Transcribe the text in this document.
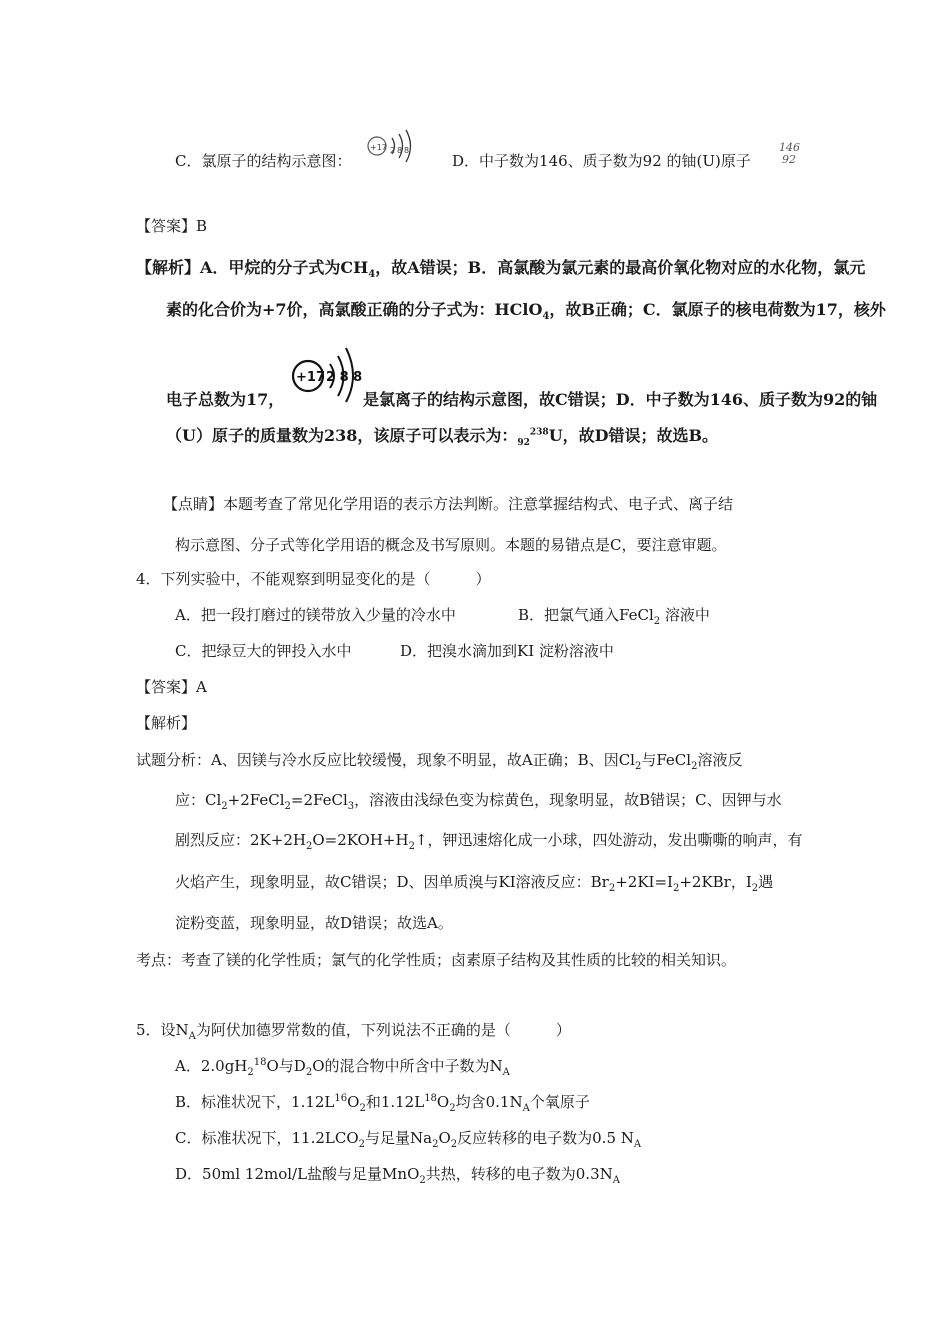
C．氯原子的结构示意图：
+17 2 8 8
D．中子数为146、质子数为92 的铀(U)原子
146
92
【答案】B
【解析】A．甲烷的分子式为$CH_4$，故A错误；B．高氯酸为氯元素的最高价氧化物对应的水化物，氯元
素的化合价为+7价，高氯酸正确的分子式为：HClO$_4$，故B正确；C．氯原子的核电荷数为17，核外
+17 2 8 8
电子总数为17，	是氯离子的结构示意图，故C错误；D．中子数为146、质子数为92的铀
（U）原子的质量数为238，该原子可以表示为：$_{92}^{238}$U，故D错误；故选B。
【点睛】本题考查了常见化学用语的表示方法判断。注意掌握结构式、电子式、离子结
构示意图、分子式等化学用语的概念及书写原则。本题的易错点是C，要注意审题。
4．下列实验中，不能观察到明显变化的是（　　　）
A．把一段打磨过的镁带放入少量的冷水中	B．把氯气通入FeCl$_2$ 溶液中
C．把绿豆大的钾投入水中	D．把溴水滴加到KI 淀粉溶液中
【答案】A
【解析】
试题分析：A、因镁与冷水反应比较缓慢，现象不明显，故A正确；B、因$Cl_2$与FeCl$_2$溶液反
应：$Cl_2+2FeCl_2=2FeCl_3$，溶液由浅绿色变为棕黄色，现象明显，故B错误；C、因钾与水
剧烈反应：$2K+2H_2O=2KOH+H_2↑$，钾迅速熔化成一小球，四处游动，发出嘶嘶的响声，有
火焰产生，现象明显，故C错误；D、因单质溴与KI溶液反应：$Br_2+2KI=I_2+2KBr$，$I_2$遇
淀粉变蓝，现象明显，故D错误；故选A。
考点：考查了镁的化学性质；氯气的化学性质；卤素原子结构及其性质的比较的相关知识。
5．设$N_A$为阿伏加德罗常数的值，下列说法不正确的是（　　　）
A．$2.0gH_2^{18}O$与$D_2O$的混合物中所含中子数为$N_A$
B．标准状况下，$1.12L^{16}O_2$和$1.12L^{18}O_2$均含$0.1N_A$个氧原子
C．标准状况下，$11.2LCO_2$与足量$Na_2O_2$反应转移的电子数为0.5 $N_A$
D．50ml 12mol/L盐酸与足量MnO$_2$共热，转移的电子数为$0.3N_A$
